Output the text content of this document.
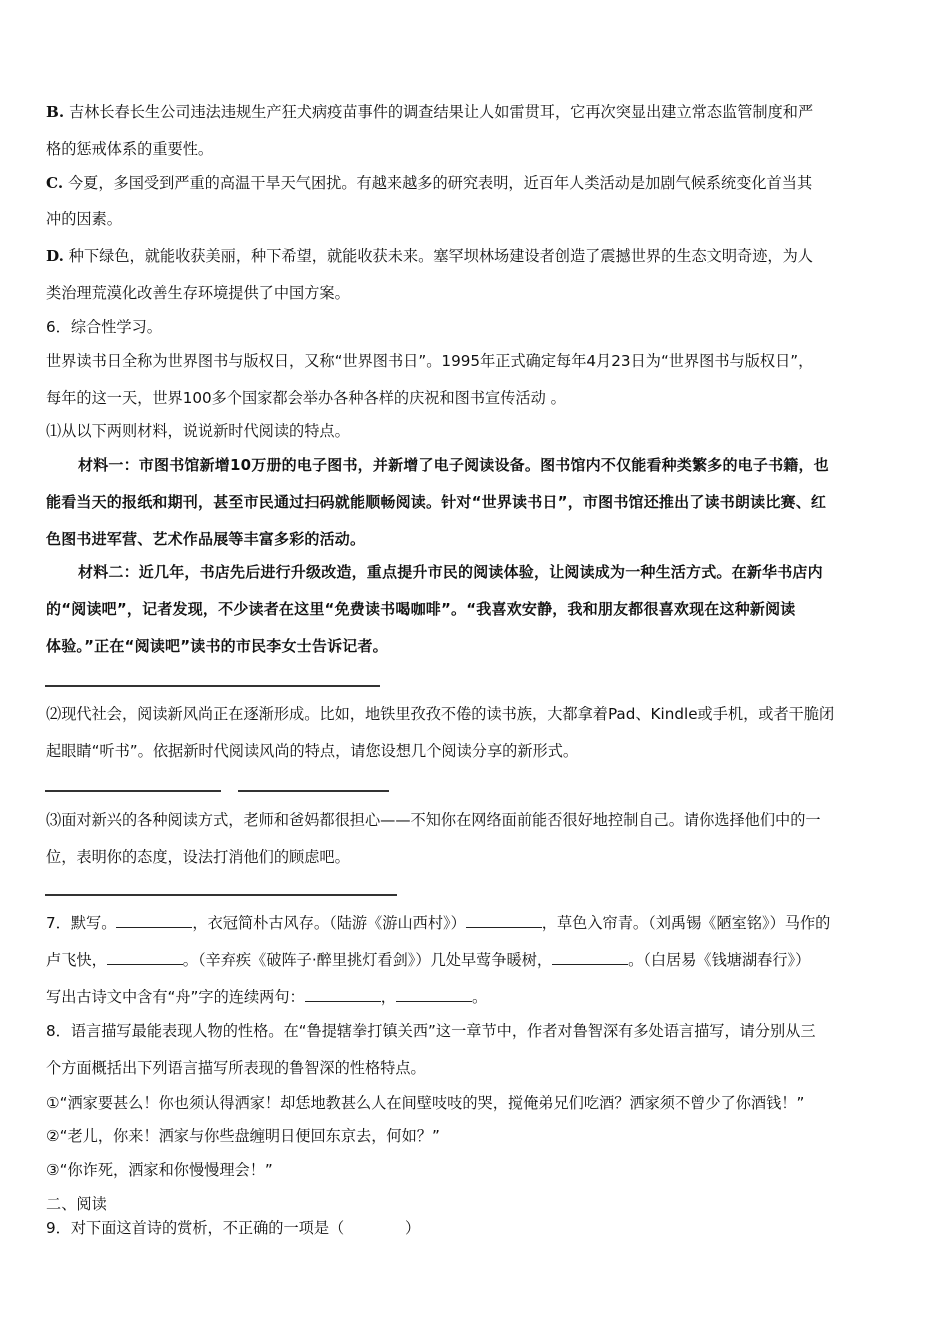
B. 吉林长春长生公司违法违规生产狂犬病疫苗事件的调查结果让人如雷贯耳，它再次突显出建立常态监管制度和严
格的惩戒体系的重要性。
C. 今夏，多国受到严重的高温干旱天气困扰。有越来越多的研究表明，近百年人类活动是加剧气候系统变化首当其
冲的因素。
D. 种下绿色，就能收获美丽，种下希望，就能收获未来。塞罕坝林场建设者创造了震撼世界的生态文明奇迹，为人
类治理荒漠化改善生存环境提供了中国方案。
6．综合性学习。
世界读书日全称为世界图书与版权日，又称“世界图书日”。1995年正式确定每年4月23日为“世界图书与版权日”，
每年的这一天，世界100多个国家都会举办各种各样的庆祝和图书宣传活动 。
⑴从以下两则材料，说说新时代阅读的特点。
材料一：市图书馆新增10万册的电子图书，并新增了电子阅读设备。图书馆内不仅能看种类繁多的电子书籍，也
能看当天的报纸和期刊，甚至市民通过扫码就能顺畅阅读。针对“世界读书日”，市图书馆还推出了读书朗读比赛、红
色图书进军营、艺术作品展等丰富多彩的活动。
材料二：近几年，书店先后进行升级改造，重点提升市民的阅读体验，让阅读成为一种生活方式。在新华书店内
的“阅读吧”，记者发现，不少读者在这里“免费读书喝咖啡”。“我喜欢安静，我和朋友都很喜欢现在这种新阅读
体验。”正在“阅读吧”读书的市民李女士告诉记者。
⑵现代社会，阅读新风尚正在逐渐形成。比如，地铁里孜孜不倦的读书族，大都拿着Pad、Kindle或手机，或者干脆闭
起眼睛“听书”。依据新时代阅读风尚的特点，请您设想几个阅读分享的新形式。
⑶面对新兴的各种阅读方式，老师和爸妈都很担心——不知你在网络面前能否很好地控制自己。请你选择他们中的一
位，表明你的态度，设法打消他们的顾虑吧。
7．默写。	，衣冠简朴古风存。（陆游《游山西村》）	，草色入帘青。（刘禹锡《陋室铭》）马作的
卢飞快，	。（辛弃疾《破阵子·醉里挑灯看剑》）几处早莺争暖树，	。（白居易《钱塘湖春行》）
写出古诗文中含有“舟”字的连续两句：	，	。
8．语言描写最能表现人物的性格。在“鲁提辖拳打镇关西”这一章节中，作者对鲁智深有多处语言描写，请分别从三
个方面概括出下列语言描写所表现的鲁智深的性格特点。
①“洒家要甚么！你也须认得洒家！却恁地教甚么人在间壁吱吱的哭，搅俺弟兄们吃酒？洒家须不曾少了你酒钱！”
②“老儿，你来！洒家与你些盘缠明日便回东京去，何如？”
③“你诈死，洒家和你慢慢理会！”
二、阅读
9．对下面这首诗的赏析，不正确的一项是（　　　　）
